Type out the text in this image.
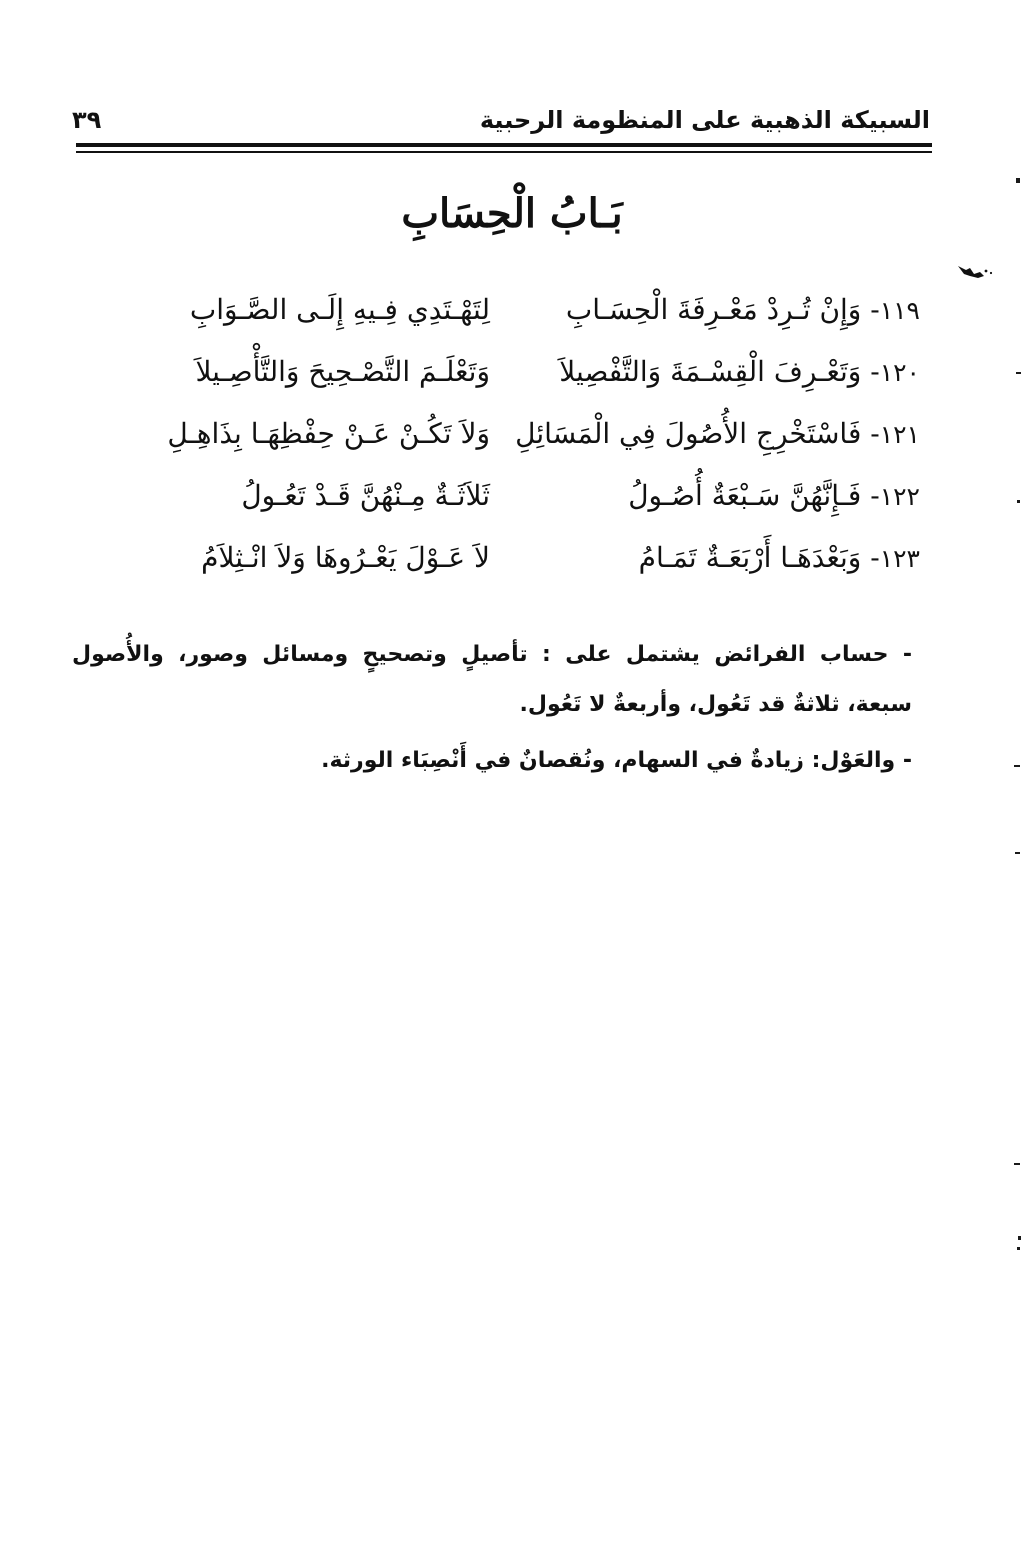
السبيكة الذهبية على المنظومة الرحبية
٣٩
بَـابُ الْحِسَابِ
١١٩- وَإِنْ تُـرِدْ مَعْـرِفَةَ الْحِسَـابِ
لِتَهْـتَدِي فِـيهِ إِلَـى الصَّـوَابِ
١٢٠- وَتَعْـرِفَ الْقِسْـمَةَ وَالتَّفْصِيلاَ
وَتَعْلَـمَ التَّصْـحِيحَ وَالتَّأْصِـيلاَ
١٢١- فَاسْتَخْرِجِ الأُصُولَ فِي الْمَسَائِلِ
وَلاَ تَكُـنْ عَـنْ حِفْظِهَـا بِذَاهِـلِ
١٢٢- فَـإِنَّهُنَّ سَـبْعَةٌ أُصُـولُ
ثَلاَثَـةٌ مِـنْهُنَّ قَـدْ تَعُـولُ
١٢٣- وَبَعْدَهَـا أَرْبَعَـةٌ تَمَـامُ
لاَ عَـوْلَ يَعْـرُوهَا وَلاَ انْـثِلاَمُ

- حساب الفرائض يشتمل على : تأصيلٍ وتصحيحٍ ومسائل وصور، والأُصول سبعة، ثلاثةٌ قد تَعُول، وأربعةٌ لا تَعُول.

- والعَوْل: زيادةٌ في السهام، ونُقصانٌ في أَنْصِبَاء الورثة.
